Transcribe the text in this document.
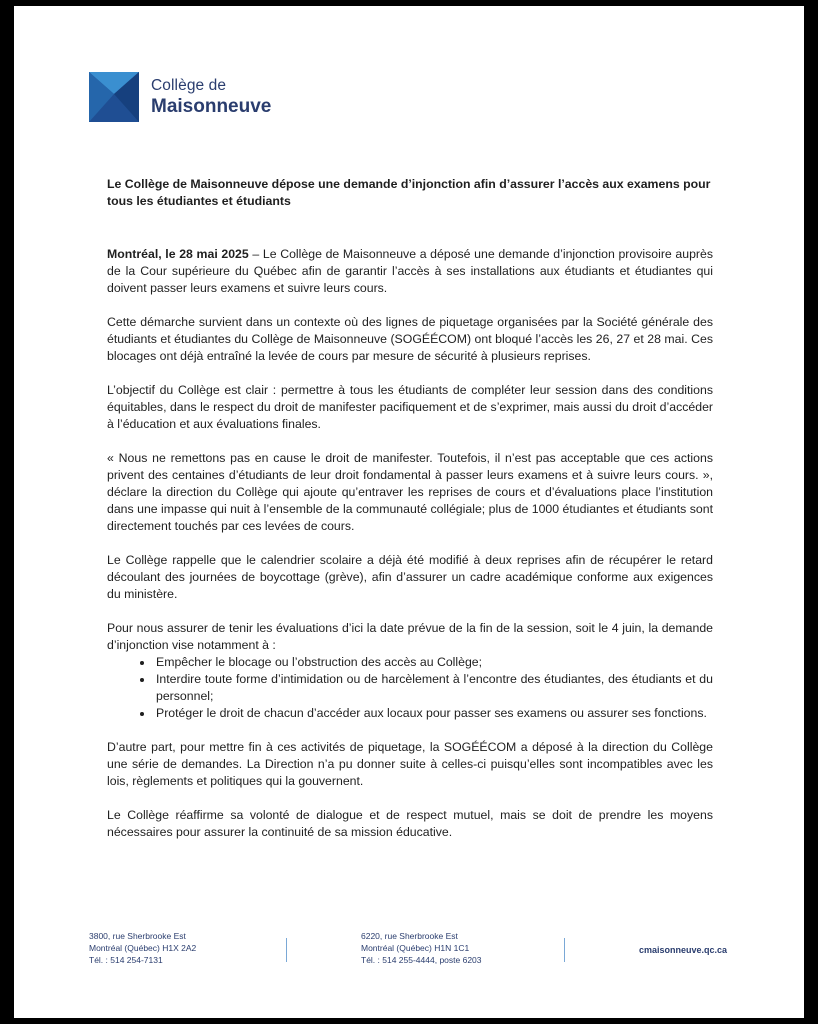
Collège de
Maisonneuve
Le Collège de Maisonneuve dépose une demande d’injonction afin d’assurer l’accès aux examens pour tous les étudiantes et étudiants

Montréal, le 28 mai 2025 – Le Collège de Maisonneuve a déposé une demande d’injonction provisoire auprès de la Cour supérieure du Québec afin de garantir l’accès à ses installations aux étudiants et étudiantes qui doivent passer leurs examens et suivre leurs cours.

Cette démarche survient dans un contexte où des lignes de piquetage organisées par la Société générale des étudiants et étudiantes du Collège de Maisonneuve (SOGÉÉCOM) ont bloqué l’accès les 26, 27 et 28 mai. Ces blocages ont déjà entraîné la levée de cours par mesure de sécurité à plusieurs reprises.

L’objectif du Collège est clair : permettre à tous les étudiants de compléter leur session dans des conditions équitables, dans le respect du droit de manifester pacifiquement et de s’exprimer, mais aussi du droit d’accéder à l’éducation et aux évaluations finales.

« Nous ne remettons pas en cause le droit de manifester. Toutefois, il n’est pas acceptable que ces actions privent des centaines d’étudiants de leur droit fondamental à passer leurs examens et à suivre leurs cours. », déclare la direction du Collège qui ajoute qu’entraver les reprises de cours et d’évaluations place l’institution dans une impasse qui nuit à l’ensemble de la communauté collégiale; plus de 1000 étudiantes et étudiants sont directement touchés par ces levées de cours.

Le Collège rappelle que le calendrier scolaire a déjà été modifié à deux reprises afin de récupérer le retard découlant des journées de boycottage (grève), afin d’assurer un cadre académique conforme aux exigences du ministère.

Pour nous assurer de tenir les évaluations d’ici la date prévue de la fin de la session, soit le 4 juin, la demande d’injonction vise notamment à :

• Empêcher le blocage ou l’obstruction des accès au Collège;
• Interdire toute forme d’intimidation ou de harcèlement à l’encontre des étudiantes, des étudiants et du personnel;
• Protéger le droit de chacun d’accéder aux locaux pour passer ses examens ou assurer ses fonctions.

D’autre part, pour mettre fin à ces activités de piquetage, la SOGÉÉCOM a déposé à la direction du Collège une série de demandes. La Direction n’a pu donner suite à celles-ci puisqu’elles sont incompatibles avec les lois, règlements et politiques qui la gouvernent.

Le Collège réaffirme sa volonté de dialogue et de respect mutuel, mais se doit de prendre les moyens nécessaires pour assurer la continuité de sa mission éducative.

3800, rue Sherbrooke Est
Montréal (Québec) H1X 2A2
Tél. : 514 254-7131
6220, rue Sherbrooke Est
Montréal (Québec) H1N 1C1
Tél. : 514 255-4444, poste 6203
cmaisonneuve.qc.ca
